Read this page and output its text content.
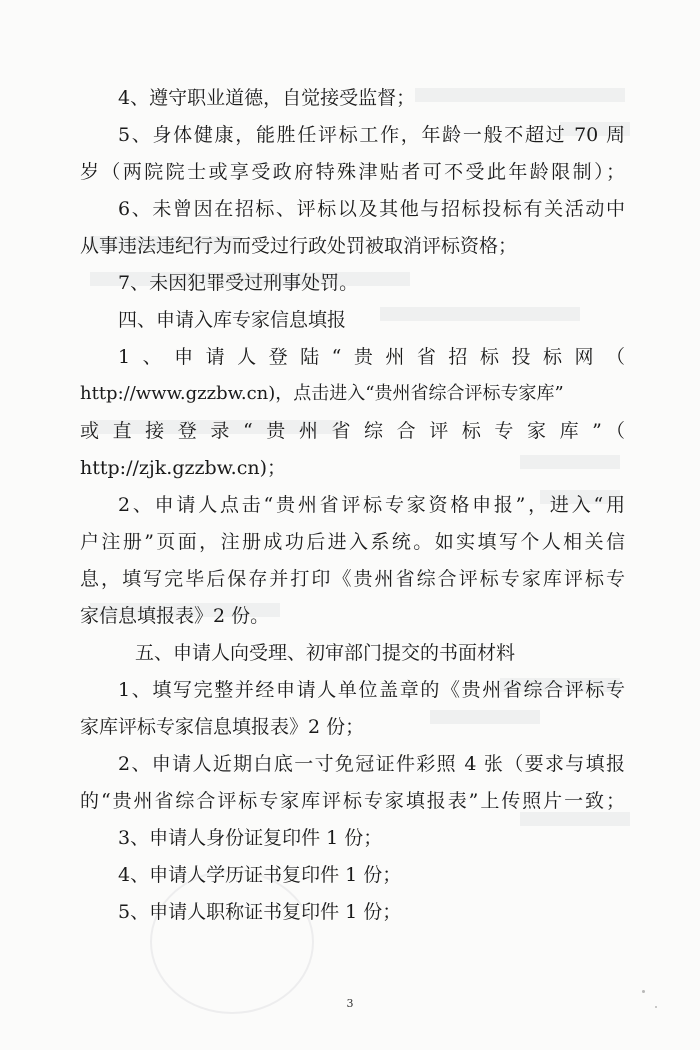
4、遵守职业道德，自觉接受监督；
5、身体健康，能胜任评标工作，年龄一般不超过 70 周
岁（两院院士或享受政府特殊津贴者可不受此年龄限制）；
6、未曾因在招标、评标以及其他与招标投标有关活动中
从事违法违纪行为而受过行政处罚被取消评标资格；
7、未因犯罪受过刑事处罚。
四、申请入库专家信息填报
1、申请人登陆“贵州省招标投标网（
http://www.gzzbw.cn)，点击进入“贵州省综合评标专家库”
或直接登录“贵州省综合评标专家库”（
http://zjk.gzzbw.cn)；
2、申请人点击“贵州省评标专家资格申报”，进入“用
户注册”页面，注册成功后进入系统。如实填写个人相关信
息，填写完毕后保存并打印《贵州省综合评标专家库评标专
家信息填报表》2 份。
五、申请人向受理、初审部门提交的书面材料
1、填写完整并经申请人单位盖章的《贵州省综合评标专
家库评标专家信息填报表》2 份；
2、申请人近期白底一寸免冠证件彩照 4 张（要求与填报
的“贵州省综合评标专家库评标专家填报表”上传照片一致；
3、申请人身份证复印件 1 份；
4、申请人学历证书复印件 1 份；
5、申请人职称证书复印件 1 份；
3
